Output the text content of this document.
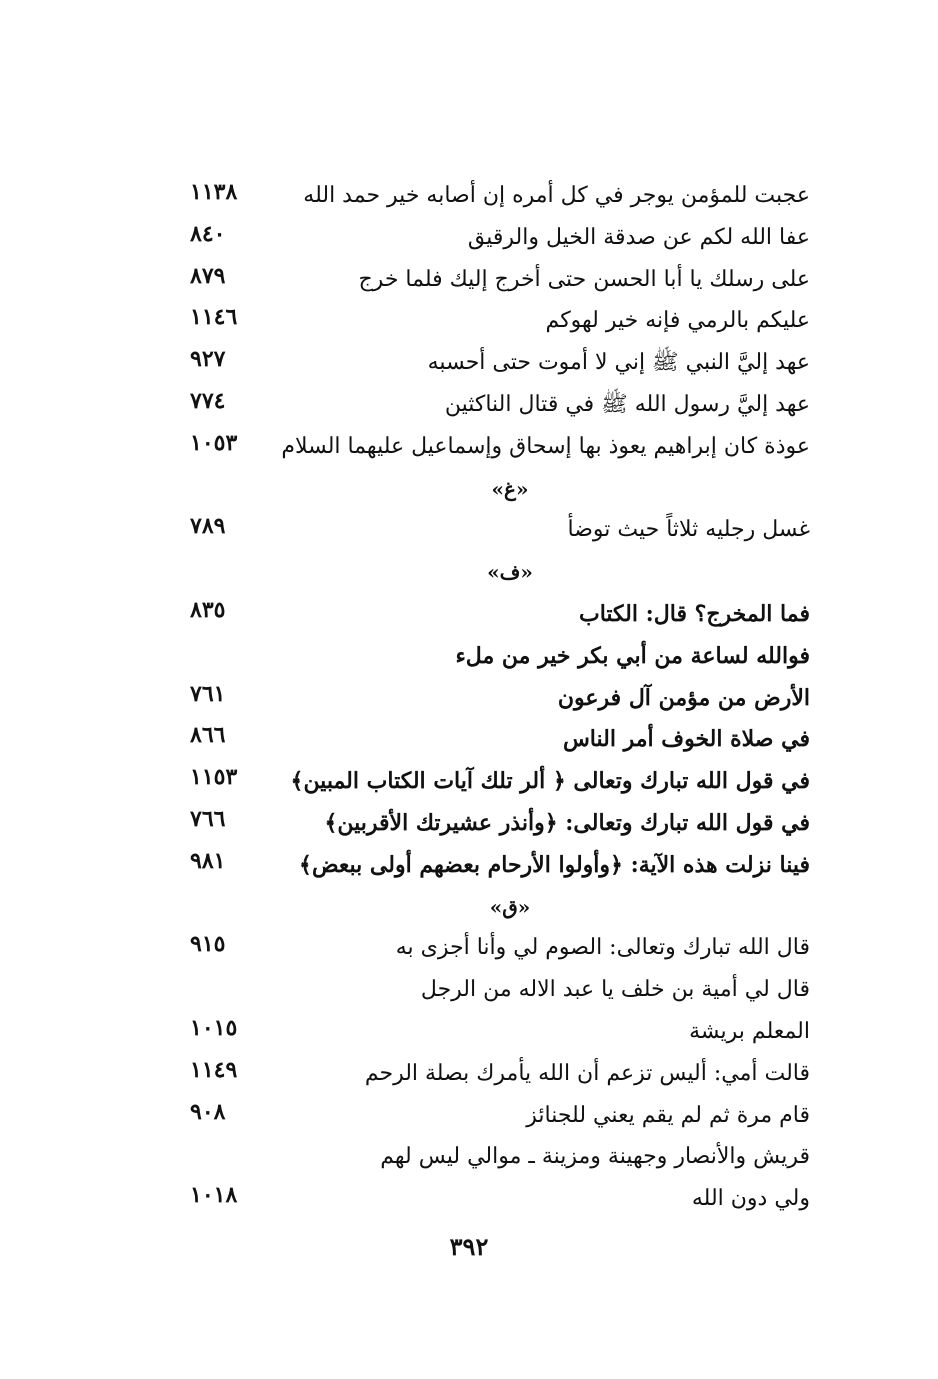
عجبت للمؤمن يوجر في كل أمره إن أصابه خير حمد الله
١١٣٨
عفا الله لكم عن صدقة الخيل والرقيق
٨٤٠
على رسلك يا أبا الحسن حتى أخرج إليك فلما خرج
٨٧٩
عليكم بالرمي فإنه خير لهوكم
١١٤٦
عهد إليَّ النبي ﷺ إني لا أموت حتى أحسبه
٩٢٧
عهد إليَّ رسول الله ﷺ في قتال الناكثين
٧٧٤
عوذة كان إبراهيم يعوذ بها إسحاق وإسماعيل عليهما السلام
١٠٥٣
«غ»
غسل رجليه ثلاثاً حيث توضأ
٧٨٩
«ف»
فما المخرج؟ قال: الكتاب
٨٣٥
فوالله لساعة من أبي بكر خير من ملء
الأرض من مؤمن آل فرعون
٧٦١
في صلاة الخوف أمر الناس
٨٦٦
في قول الله تبارك وتعالى ﴿ ألر تلك آيات الكتاب المبين﴾
١١٥٣
في قول الله تبارك وتعالى: ﴿وأنذر عشيرتك الأقربين﴾
٧٦٦
فينا نزلت هذه الآية: ﴿وأولوا الأرحام بعضهم أولى ببعض﴾
٩٨١
«ق»
قال الله تبارك وتعالى: الصوم لي وأنا أجزى به
٩١٥
قال لي أمية بن خلف يا عبد الاله من الرجل
المعلم بريشة
١٠١٥
قالت أمي: أليس تزعم أن الله يأمرك بصلة الرحم
١١٤٩
قام مرة ثم لم يقم يعني للجنائز
٩٠٨
قريش والأنصار وجهينة ومزينة ـ موالي ليس لهم
ولي دون الله
١٠١٨
٣٩٢
